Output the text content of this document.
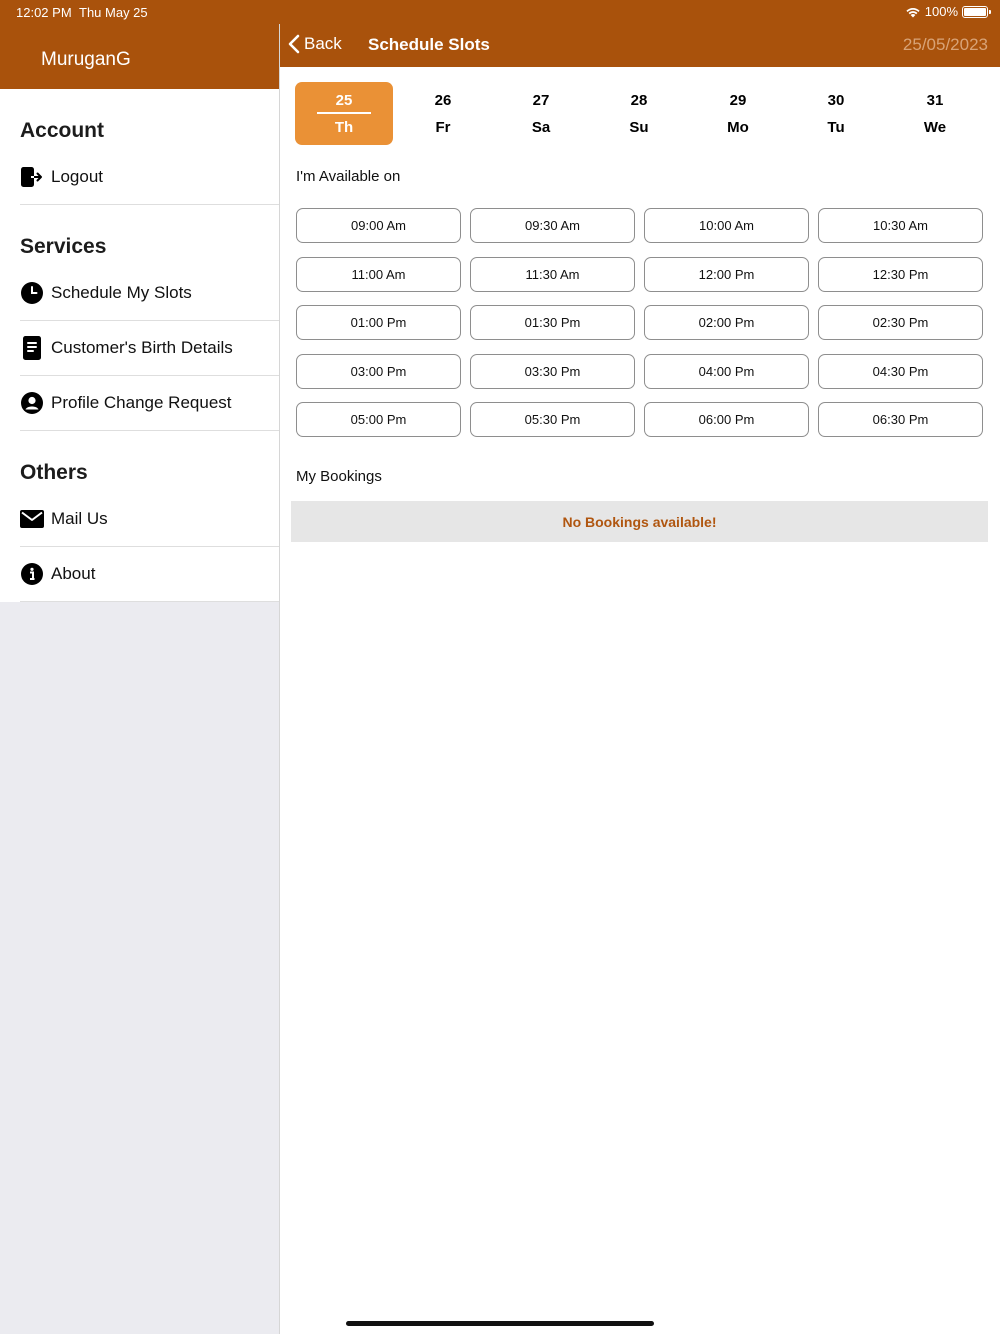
12:02 PM Thu May 25	100%
MuruganG
Back Schedule Slots	25/05/2023
Account
Logout
Services
Schedule My Slots
Customer's Birth Details
Profile Change Request
Others
Mail Us
About
25
Th
26
Fr
27
Sa
28
Su
29
Mo
30
Tu
31
We
I'm Available on
09:00 Am	09:30 Am	10:00 Am	10:30 Am
11:00 Am	11:30 Am	12:00 Pm	12:30 Pm
01:00 Pm	01:30 Pm	02:00 Pm	02:30 Pm
03:00 Pm	03:30 Pm	04:00 Pm	04:30 Pm
05:00 Pm	05:30 Pm	06:00 Pm	06:30 Pm
My Bookings
No Bookings available!
